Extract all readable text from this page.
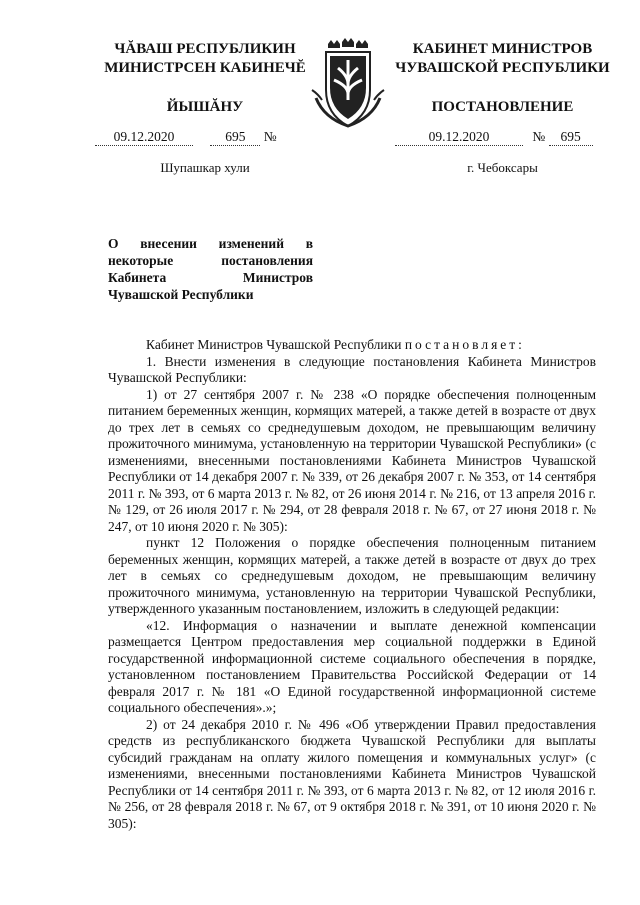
ЧĂВАШ РЕСПУБЛИКИН
МИНИСТРСЕН КАБИНЕЧĔ
ЙЫШĂНУ
КАБИНЕТ МИНИСТРОВ
ЧУВАШСКОЙ РЕСПУБЛИКИ
ПОСТАНОВЛЕНИЕ
09.12.2020	695 №	09.12.2020	№ 695
Шупашкар хули	г. Чебоксары
О внесении изменений в некоторые постановления Кабинета Министров Чувашской Республики

Кабинет Министров Чувашской Республики постановляет:

1. Внести изменения в следующие постановления Кабинета Министров Чувашской Республики:

1) от 27 сентября 2007 г. № 238 «О порядке обеспечения полноценным питанием беременных женщин, кормящих матерей, а также детей в возрасте от двух до трех лет в семьях со среднедушевым доходом, не превышающим величину прожиточного минимума, установленную на территории Чувашской Республики» (с изменениями, внесенными постановлениями Кабинета Министров Чувашской Республики от 14 декабря 2007 г. № 339, от 26 декабря 2007 г. № 353, от 14 сентября 2011 г. № 393, от 6 марта 2013 г. № 82, от 26 июня 2014 г. № 216, от 13 апреля 2016 г. № 129, от 26 июля 2017 г. № 294, от 28 февраля 2018 г. № 67, от 27 июня 2018 г. № 247, от 10 июня 2020 г. № 305):

пункт 12 Положения о порядке обеспечения полноценным питанием беременных женщин, кормящих матерей, а также детей в возрасте от двух до трех лет в семьях со среднедушевым доходом, не превышающим величину прожиточного минимума, установленную на территории Чувашской Республики, утвержденного указанным постановлением, изложить в следующей редакции:

«12. Информация о назначении и выплате денежной компенсации размещается Центром предоставления мер социальной поддержки в Единой государственной информационной системе социального обеспечения в порядке, установленном постановлением Правительства Российской Федерации от 14 февраля 2017 г. № 181 «О Единой государственной информационной системе социального обеспечения».»;

2) от 24 декабря 2010 г. № 496 «Об утверждении Правил предоставления средств из республиканского бюджета Чувашской Республики для выплаты субсидий гражданам на оплату жилого помещения и коммунальных услуг» (с изменениями, внесенными постановлениями Кабинета Министров Чувашской Республики от 14 сентября 2011 г. № 393, от 6 марта 2013 г. № 82, от 12 июля 2016 г. № 256, от 28 февраля 2018 г. № 67, от 9 октября 2018 г. № 391, от 10 июня 2020 г. № 305):
